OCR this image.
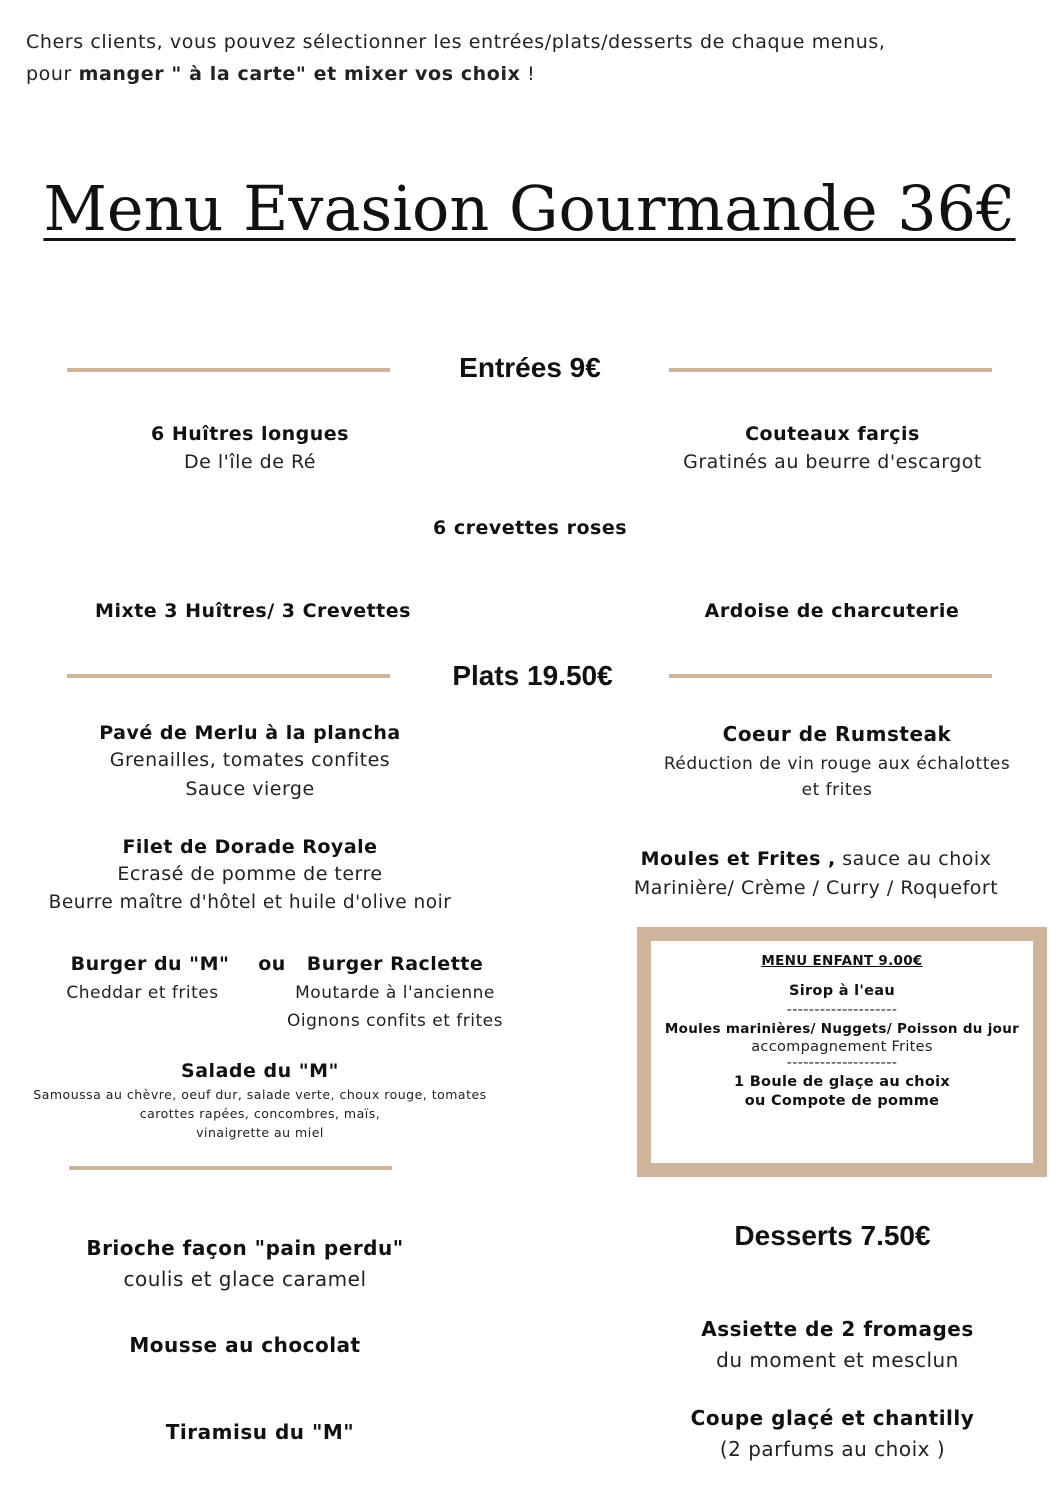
Chers clients, vous pouvez sélectionner les entrées/plats/desserts de chaque menus,
pour manger " à la carte" et mixer vos choix !
Menu Evasion Gourmande 36€
Entrées 9€
6 Huîtres longues
De l'île de Ré
Couteaux farçis
Gratinés au beurre d'escargot
6 crevettes roses
Mixte 3 Huîtres/ 3 Crevettes	Ardoise de charcuterie
Plats 19.50€
Pavé de Merlu à la plancha
Grenailles, tomates confites
Sauce vierge
Coeur de Rumsteak
Réduction de vin rouge aux échalottes
et frites
Filet de Dorade Royale
Ecrasé de pomme de terre
Beurre maître d'hôtel et huile d'olive noir
Moules et Frites , sauce au choix
Marinière/ Crème / Curry / Roquefort
Burger du "M"	ou	Burger Raclette
Cheddar et frites	Moutarde à l'ancienne
Oignons confits et frites
Salade du "M"
Samoussa au chèvre, oeuf dur, salade verte, choux rouge, tomates
carottes rapées, concombres, maïs,
vinaigrette au miel
MENU ENFANT 9.00€
Sirop à l'eau
--------------------
Moules marinières/ Nuggets/ Poisson du jour
accompagnement Frites
--------------------
1 Boule de glaçe au choix
ou Compote de pomme
Desserts 7.50€
Brioche façon "pain perdu"
coulis et glace caramel
Mousse au chocolat
Tiramisu du "M"
Assiette de 2 fromages
du moment et mesclun
Coupe glaçé et chantilly
(2 parfums au choix )
